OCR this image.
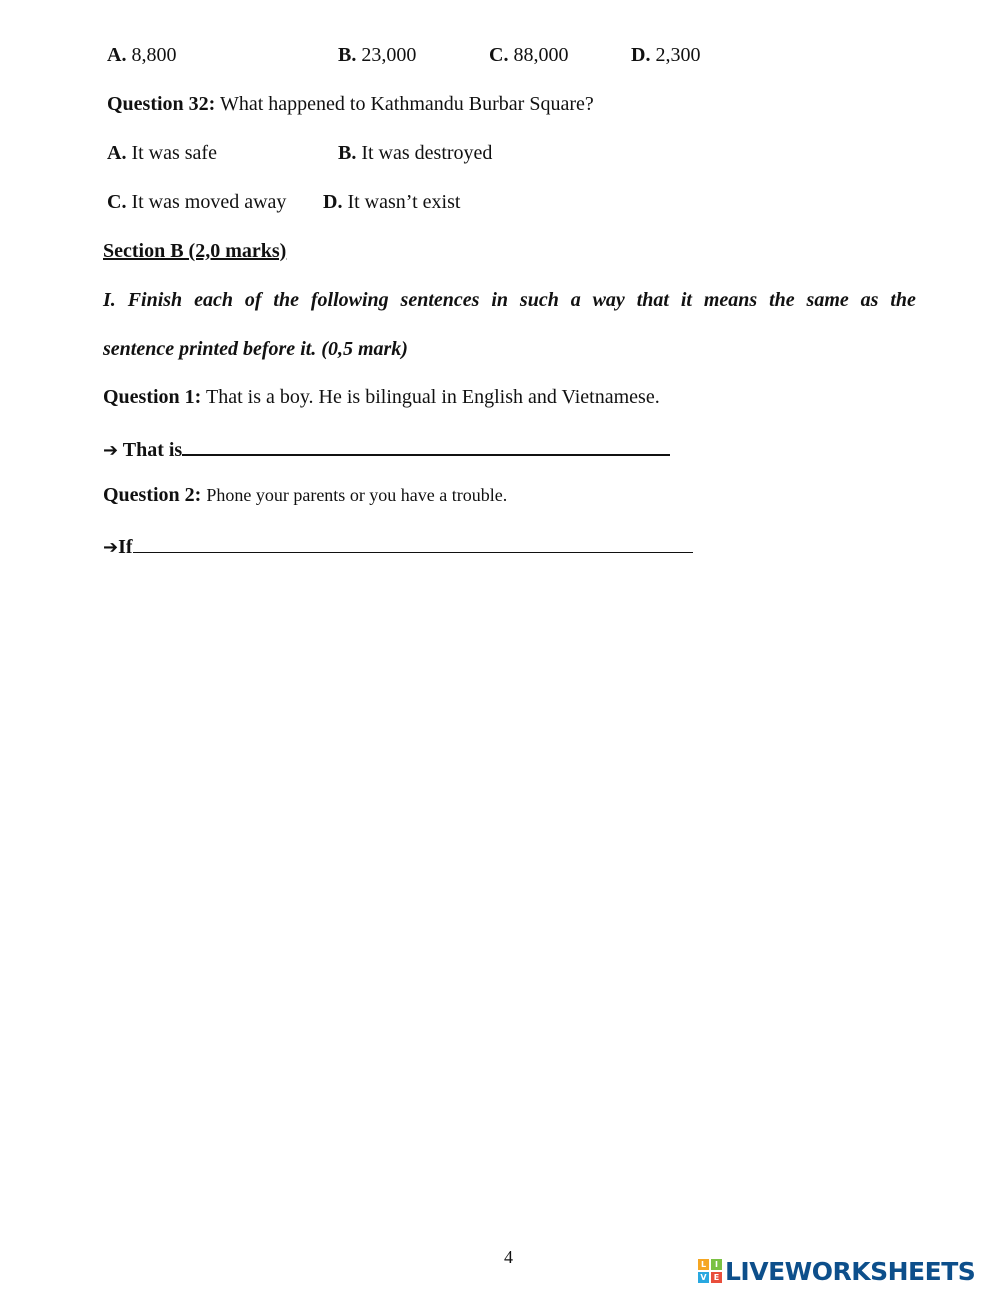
A. 8,800	B. 23,000	C. 88,000	D. 2,300
Question 32: What happened to Kathmandu Burbar Square?
A. It was safe	B. It was destroyed
C. It was moved away D. It wasn’t exist
Section B (2,0 marks)
I. Finish each of the following sentences in such a way that it means the same as the
sentence printed before it. (0,5 mark)
Question 1: That is a boy. He is bilingual in English and Vietnamese.
➔ That is
Question 2: Phone your parents or you have a trouble.
➔If
4	L	I
V E LIVEWORKSHEETS
